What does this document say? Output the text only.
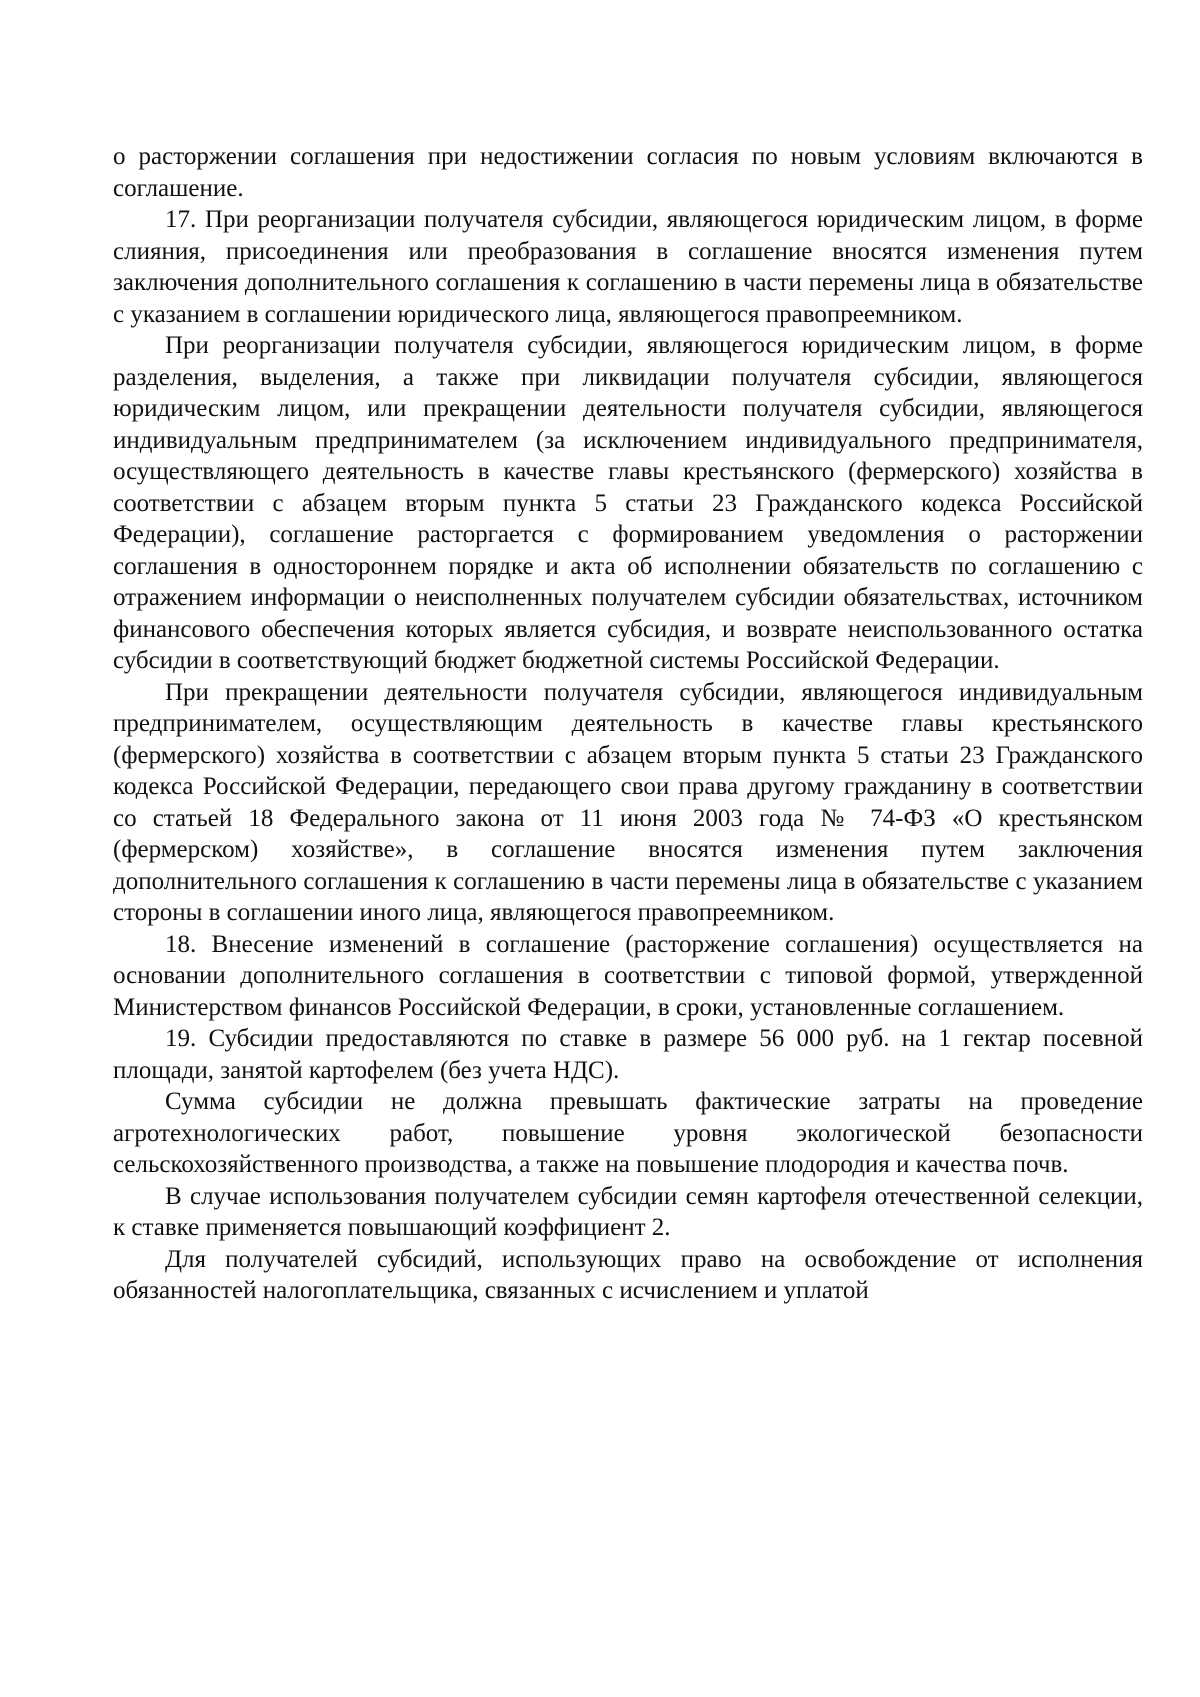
о расторжении соглашения при недостижении согласия по новым условиям включаются в соглашение.

17. При реорганизации получателя субсидии, являющегося юридическим лицом, в форме слияния, присоединения или преобразования в соглашение вносятся изменения путем заключения дополнительного соглашения к соглашению в части перемены лица в обязательстве с указанием в соглашении юридического лица, являющегося правопреемником.

При реорганизации получателя субсидии, являющегося юридическим лицом, в форме разделения, выделения, а также при ликвидации получателя субсидии, являющегося юридическим лицом, или прекращении деятельности получателя субсидии, являющегося индивидуальным предпринимателем (за исключением индивидуального предпринимателя, осуществляющего деятельность в качестве главы крестьянского (фермерского) хозяйства в соответствии с абзацем вторым пункта 5 статьи 23 Гражданского кодекса Российской Федерации), соглашение расторгается с формированием уведомления о расторжении соглашения в одностороннем порядке и акта об исполнении обязательств по соглашению с отражением информации о неисполненных получателем субсидии обязательствах, источником финансового обеспечения которых является субсидия, и возврате неиспользованного остатка субсидии в соответствующий бюджет бюджетной системы Российской Федерации.

При прекращении деятельности получателя субсидии, являющегося индивидуальным предпринимателем, осуществляющим деятельность в качестве главы крестьянского (фермерского) хозяйства в соответствии с абзацем вторым пункта 5 статьи 23 Гражданского кодекса Российской Федерации, передающего свои права другому гражданину в соответствии со статьей 18 Федерального закона от 11 июня 2003 года № 74-ФЗ «О крестьянском (фермерском) хозяйстве», в соглашение вносятся изменения путем заключения дополнительного соглашения к соглашению в части перемены лица в обязательстве с указанием стороны в соглашении иного лица, являющегося правопреемником.

18. Внесение изменений в соглашение (расторжение соглашения) осуществляется на основании дополнительного соглашения в соответствии с типовой формой, утвержденной Министерством финансов Российской Федерации, в сроки, установленные соглашением.

19. Субсидии предоставляются по ставке в размере 56 000 руб. на 1 гектар посевной площади, занятой картофелем (без учета НДС).

Сумма субсидии не должна превышать фактические затраты на проведение агротехнологических работ, повышение уровня экологической безопасности сельскохозяйственного производства, а также на повышение плодородия и качества почв.

В случае использования получателем субсидии семян картофеля отечественной селекции, к ставке применяется повышающий коэффициент 2.

Для получателей субсидий, использующих право на освобождение от исполнения обязанностей налогоплательщика, связанных с исчислением и уплатой
